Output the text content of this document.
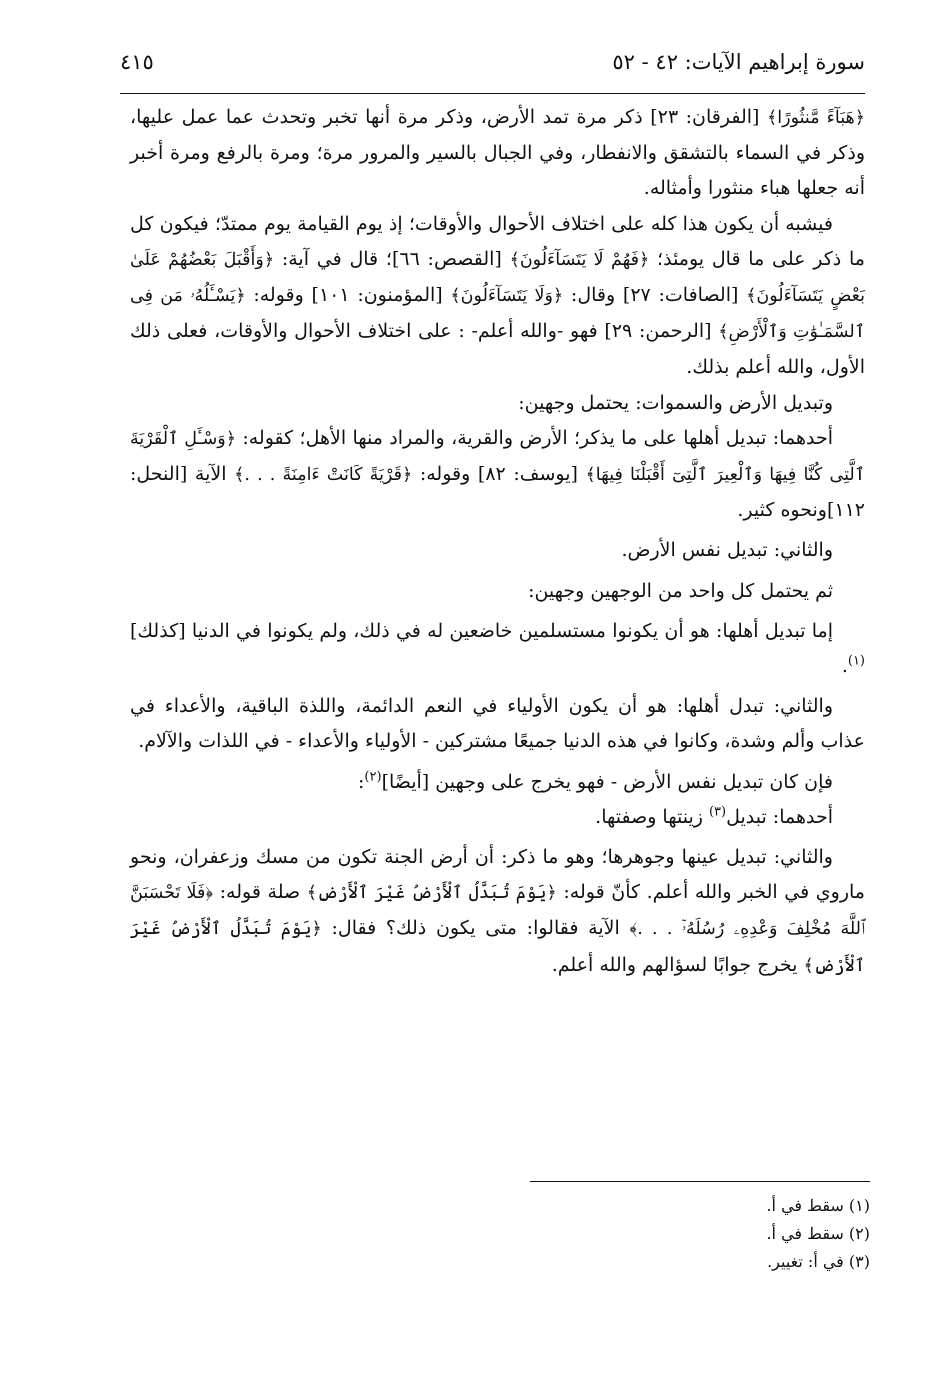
سورة إبراهيم الآيات: ٤٢ - ٥٢
٤١٥

﴿هَبَآءً مَّنثُورًا﴾ [الفرقان: ٢٣] ذكر مرة تمد الأرض، وذكر مرة أنها تخبر وتحدث عما عمل عليها، وذكر في السماء بالتشقق والانفطار، وفي الجبال بالسير والمرور مرة؛ ومرة بالرفع ومرة أخبر أنه جعلها هباء منثورا وأمثاله.

فيشبه أن يكون هذا كله على اختلاف الأحوال والأوقات؛ إذ يوم القيامة يوم ممتدّ؛ فيكون كل ما ذكر على ما قال يومئذ؛ ﴿فَهُمْ لَا يَتَسَآءَلُونَ﴾ [القصص: ٦٦]؛ قال في آية: ﴿وَأَقْبَلَ بَعْضُهُمْ عَلَىٰ بَعْضٍ يَتَسَآءَلُونَ﴾ [الصافات: ٢٧] وقال: ﴿وَلَا يَتَسَآءَلُونَ﴾ [المؤمنون: ١٠١] وقوله: ﴿يَسْـَٔلُهُۥ مَن فِى ٱلسَّمَـٰوَٰتِ وَٱلْأَرْضِ﴾ [الرحمن: ٢٩] فهو -والله أعلم- : على اختلاف الأحوال والأوقات، فعلى ذلك الأول، والله أعلم بذلك.

وتبديل الأرض والسموات: يحتمل وجهين:

أحدهما: تبديل أهلها على ما يذكر؛ الأرض والقرية، والمراد منها الأهل؛ كقوله: ﴿وَسْـَٔلِ ٱلْقَرْيَةَ ٱلَّتِى كُنَّا فِيهَا وَٱلْعِيرَ ٱلَّتِىٓ أَقْبَلْنَا فِيهَا﴾ [يوسف: ٨٢] وقوله: ﴿قَرْيَةً كَانَتْ ءَامِنَةً . . .﴾ الآية [النحل: ١١٢]ونحوه كثير.

والثاني: تبديل نفس الأرض.

ثم يحتمل كل واحد من الوجهين وجهين:

إما تبديل أهلها: هو أن يكونوا مستسلمين خاضعين له في ذلك، ولم يكونوا في الدنيا [كذلك]$^{(١)}$.

والثاني: تبدل أهلها: هو أن يكون الأولياء في النعم الدائمة، واللذة الباقية، والأعداء في عذاب وألم وشدة، وكانوا في هذه الدنيا جميعًا مشتركين - الأولياء والأعداء - في اللذات والآلام.

فإن كان تبديل نفس الأرض - فهو يخرج على وجهين [أيضًا]$^{(٢)}$:

أحدهما: تبديل$^{(٣)}$ زينتها وصفتها.

والثاني: تبديل عينها وجوهرها؛ وهو ما ذكر: أن أرض الجنة تكون من مسك وزعفران، ونحو ماروي في الخبر والله أعلم. كأنّ قوله: ﴿يَوْمَ تُبَدَّلُ ٱلْأَرْضُ غَيْرَ ٱلْأَرْضِ﴾ صلة قوله: ﴿فَلَا تَحْسَبَنَّ ٱللَّهَ مُخْلِفَ وَعْدِهِۦ رُسُلَهُۥٓ . . .﴾ الآية فقالوا: متى يكون ذلك؟ فقال: ﴿يَوْمَ تُبَدَّلُ ٱلْأَرْضُ غَيْرَ ٱلْأَرْضِ﴾ يخرج جوابًا لسؤالهم والله أعلم.

(١) سقط في أ.
(٢) سقط في أ.
(٣) في أ: تغيير.
